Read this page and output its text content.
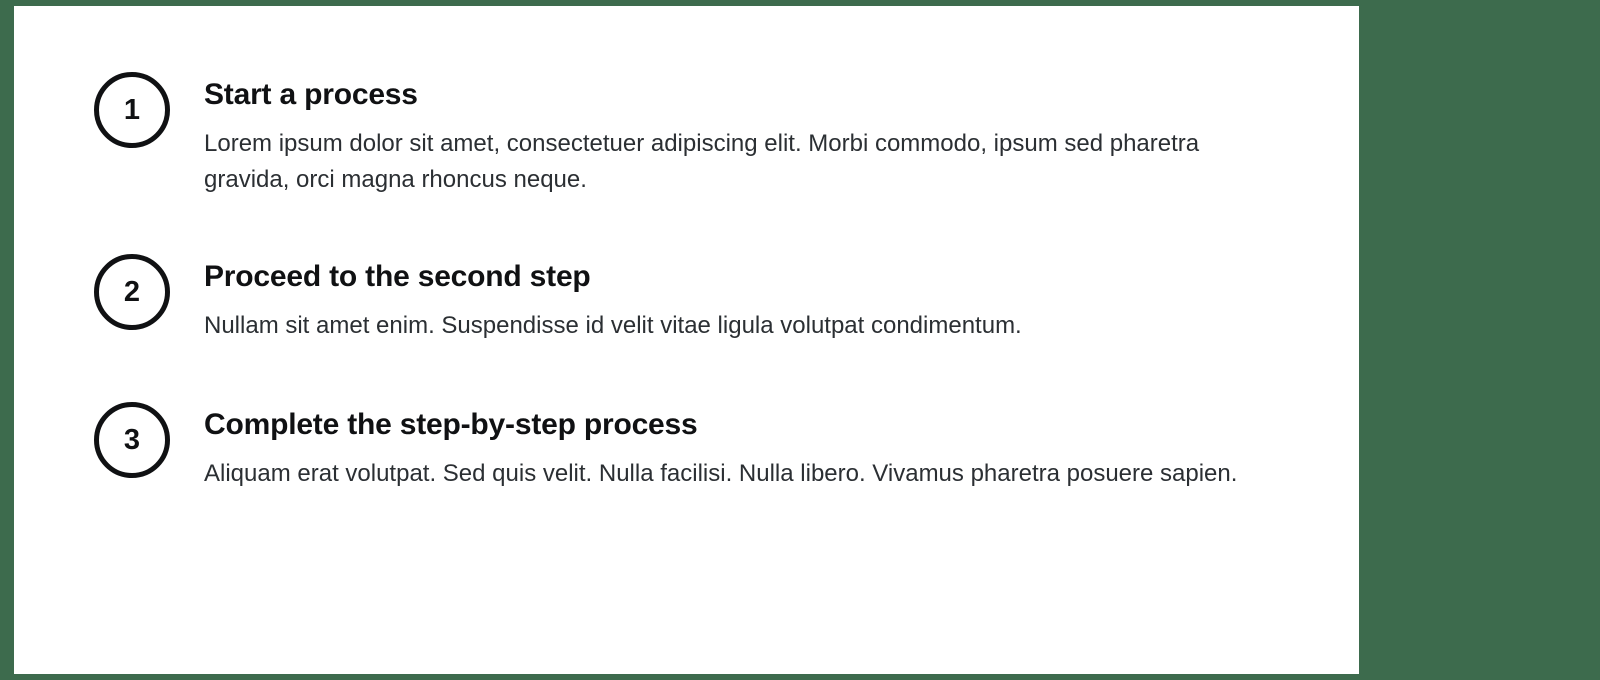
1	Start a process

Lorem ipsum dolor sit amet, consectetuer adipiscing elit. Morbi commodo, ipsum sed pharetra gravida, orci magna rhoncus neque.

2	Proceed to the second step

Nullam sit amet enim. Suspendisse id velit vitae ligula volutpat condimentum.

3	Complete the step-by-step process

Aliquam erat volutpat. Sed quis velit. Nulla facilisi. Nulla libero. Vivamus pharetra posuere sapien.
